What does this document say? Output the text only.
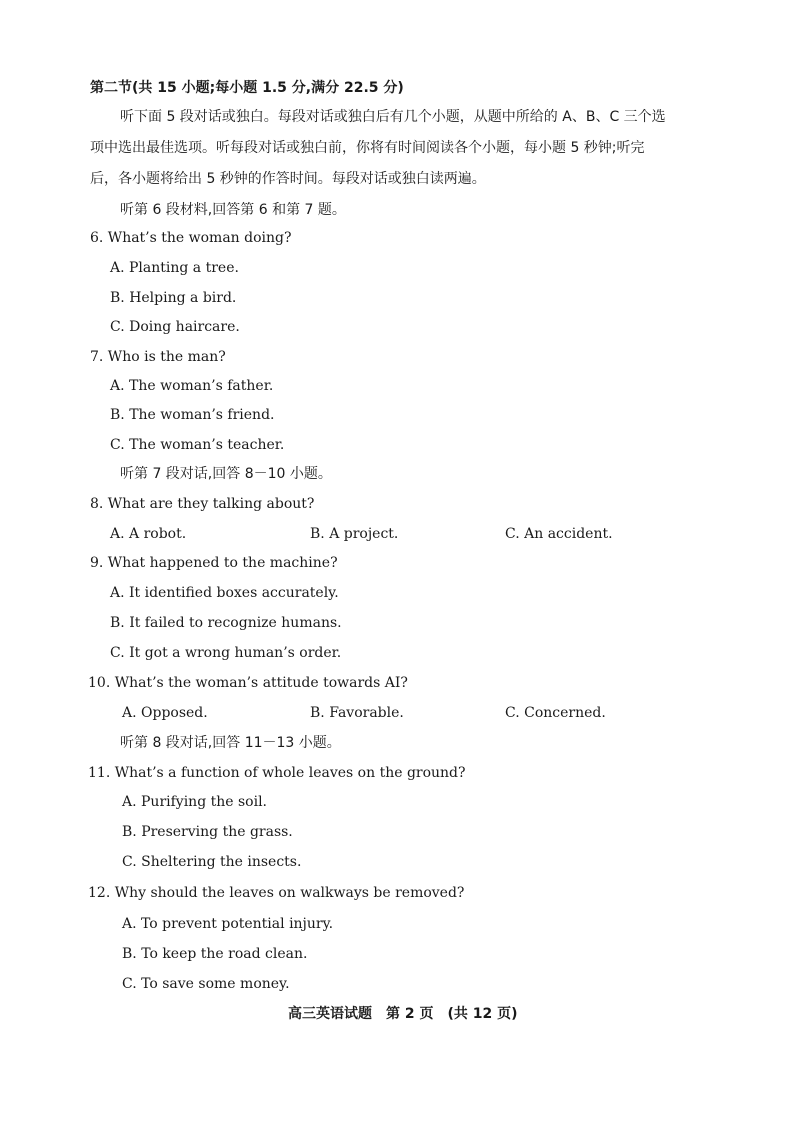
第二节(共 15 小题;每小题 1.5 分,满分 22.5 分)
听下面 5 段对话或独白。每段对话或独白后有几个小题，从题中所给的 A、B、C 三个选
项中选出最佳选项。听每段对话或独白前，你将有时间阅读各个小题，每小题 5 秒钟;听完
后，各小题将给出 5 秒钟的作答时间。每段对话或独白读两遍。
听第 6 段材料,回答第 6 和第 7 题。
6. What’s the woman doing?
A. Planting a tree.
B. Helping a bird.
C. Doing haircare.
7. Who is the man?
A. The woman’s father.
B. The woman’s friend.
C. The woman’s teacher.
听第 7 段对话,回答 8－10 小题。
8. What are they talking about?
A. A robot.	B. A project.	C. An accident.
9. What happened to the machine?
A. It identified boxes accurately.
B. It failed to recognize humans.
C. It got a wrong human’s order.
10. What’s the woman’s attitude towards AI?
A. Opposed.	B. Favorable.	C. Concerned.
听第 8 段对话,回答 11－13 小题。
11. What’s a function of whole leaves on the ground?
A. Purifying the soil.
B. Preserving the grass.
C. Sheltering the insects.
12. Why should the leaves on walkways be removed?
A. To prevent potential injury.
B. To keep the road clean.
C. To save some money.
高三英语试题　第 2 页　(共 12 页)
